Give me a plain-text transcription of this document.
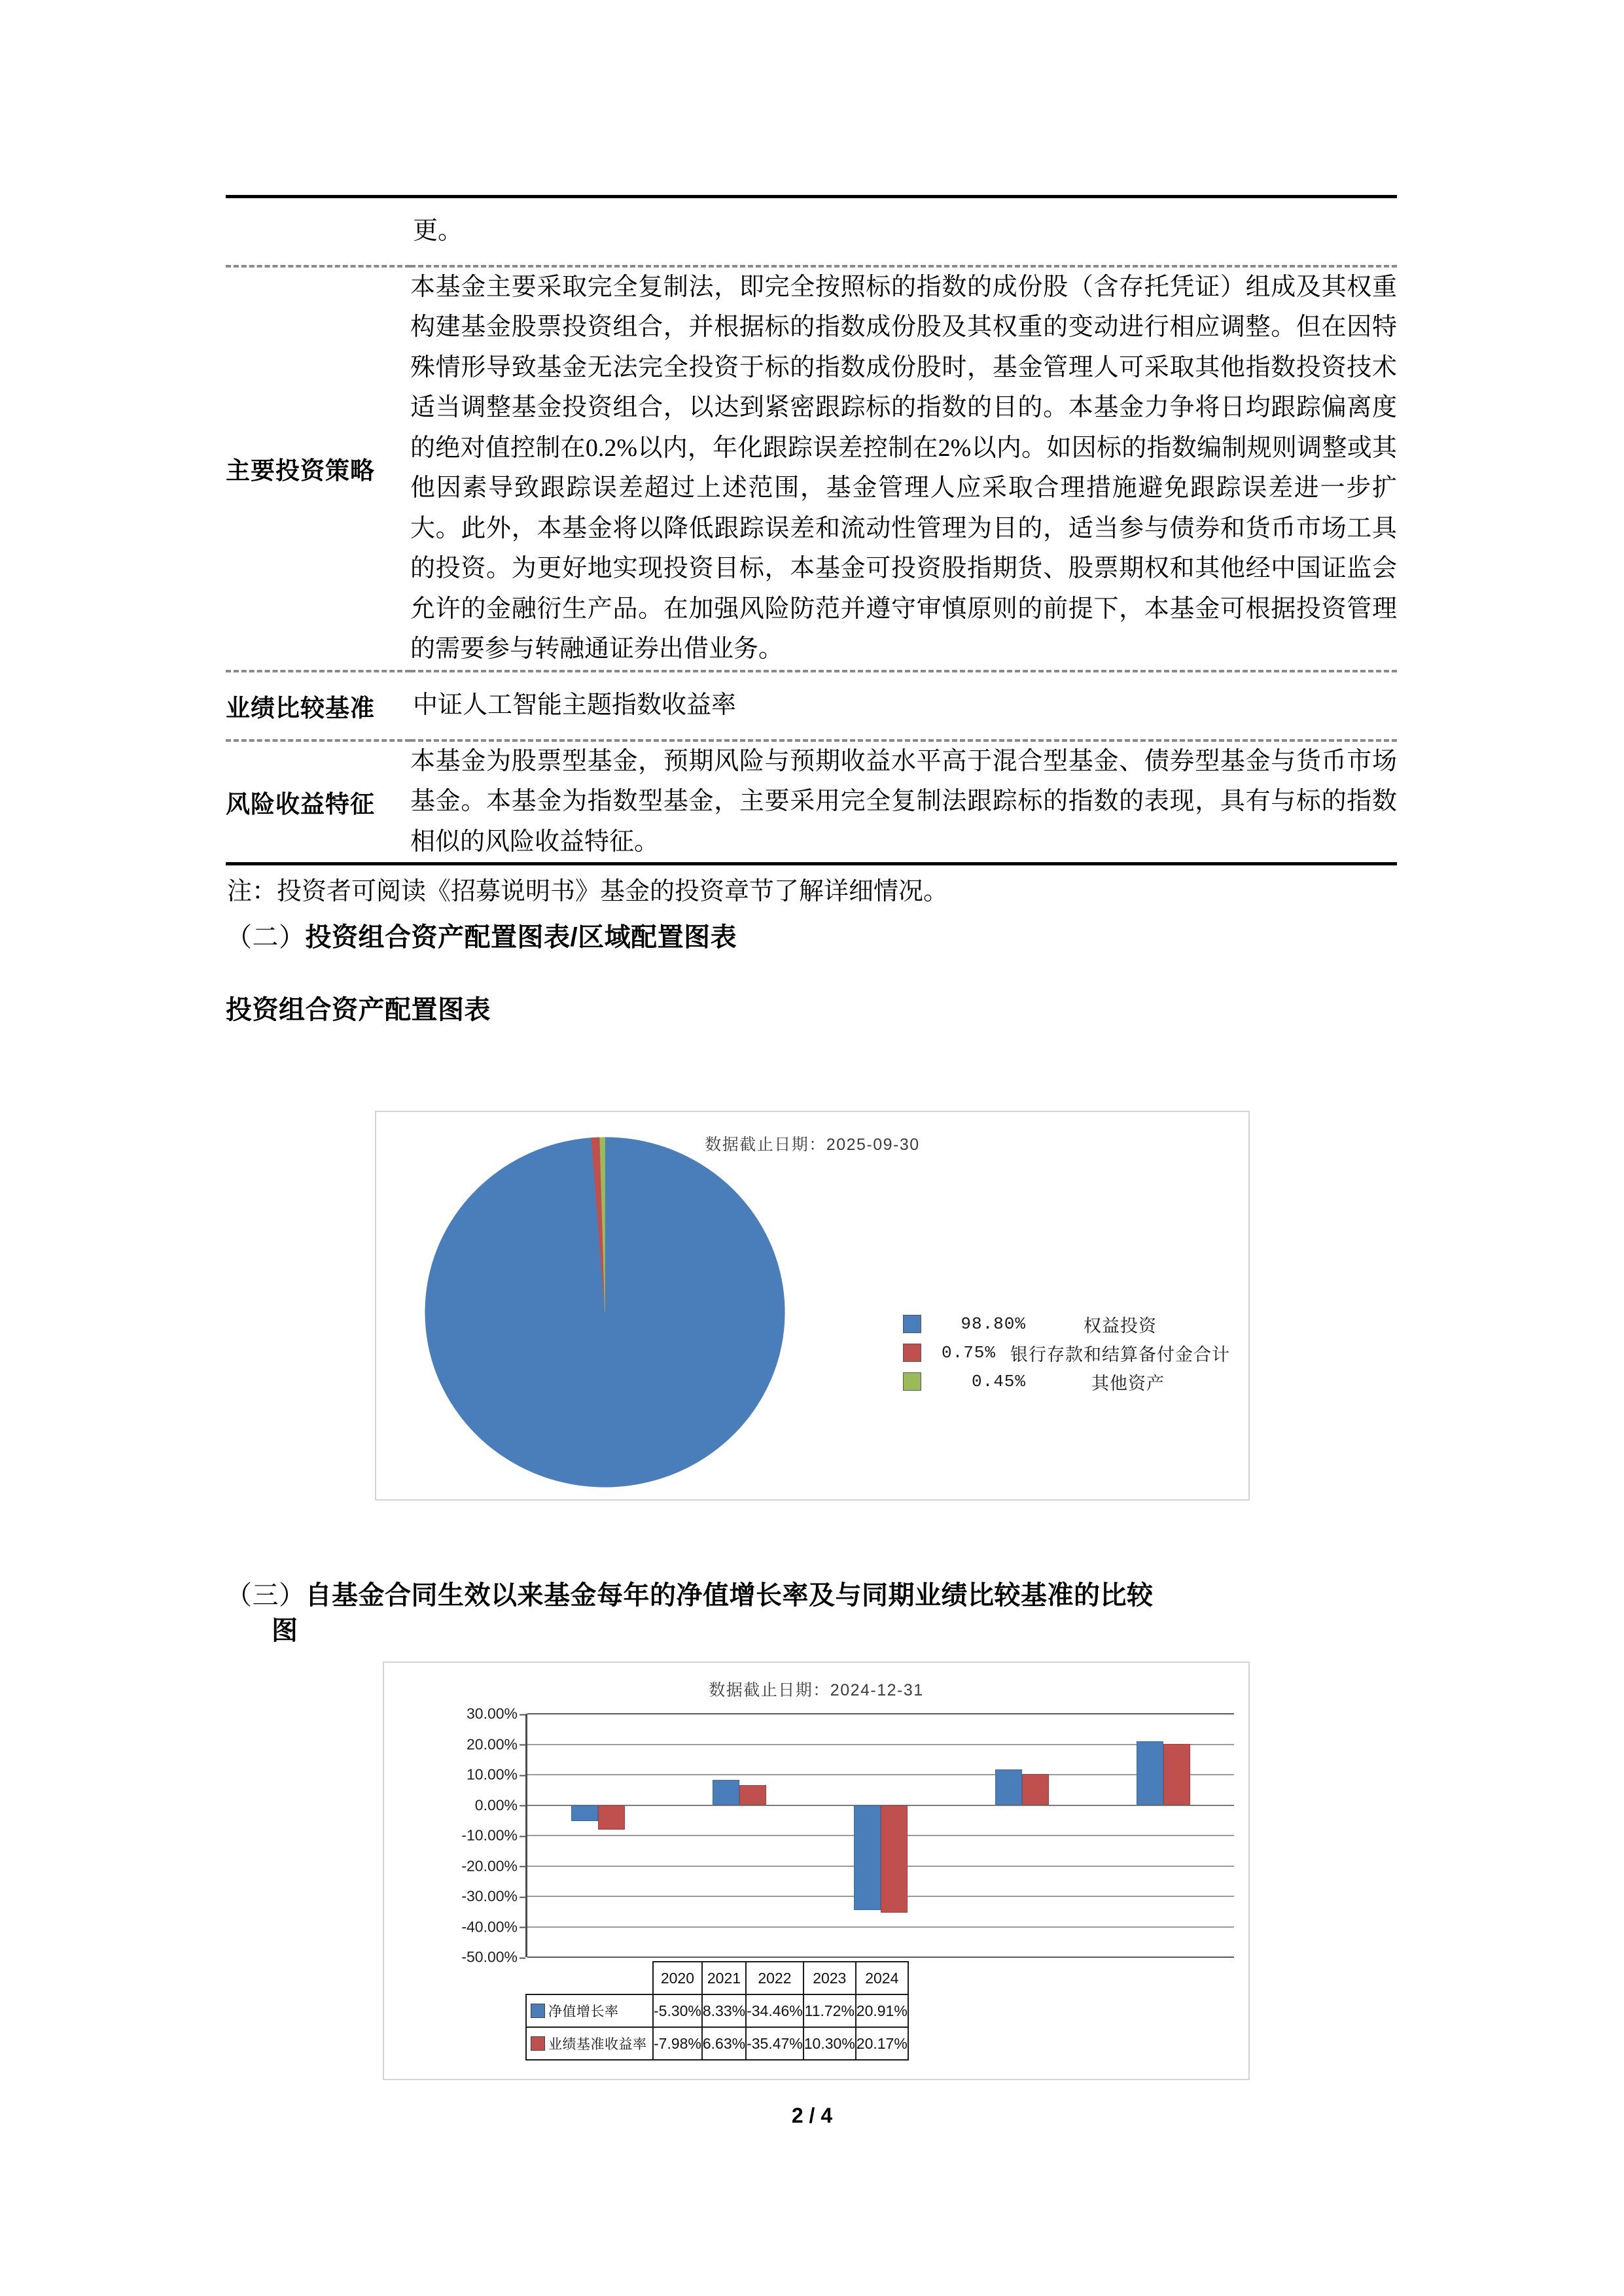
	更。
主要投资策略	本基金主要采取完全复制法，即完全按照标的指数的成份股（含存托凭证）组成及其权重构建基金股票投资组合，并根据标的指数成份股及其权重的变动进行相应调整。但在因特殊情形导致基金无法完全投资于标的指数成份股时，基金管理人可采取其他指数投资技术适当调整基金投资组合，以达到紧密跟踪标的指数的目的。本基金力争将日均跟踪偏离度的绝对值控制在0.2%以内，年化跟踪误差控制在2%以内。如因标的指数编制规则调整或其他因素导致跟踪误差超过上述范围，基金管理人应采取合理措施避免跟踪误差进一步扩大。此外，本基金将以降低跟踪误差和流动性管理为目的，适当参与债券和货币市场工具的投资。为更好地实现投资目标，本基金可投资股指期货、股票期权和其他经中国证监会允许的金融衍生产品。在加强风险防范并遵守审慎原则的前提下，本基金可根据投资管理的需要参与转融通证券出借业务。
业绩比较基准	中证人工智能主题指数收益率
风险收益特征	本基金为股票型基金，预期风险与预期收益水平高于混合型基金、债券型基金与货币市场基金。本基金为指数型基金，主要采用完全复制法跟踪标的指数的表现，具有与标的指数相似的风险收益特征。
注：投资者可阅读《招募说明书》基金的投资章节了解详细情况。
（二）投资组合资产配置图表/区域配置图表
投资组合资产配置图表
数据截止日期：2025-09-30
98.80%	权益投资
0.75% 银行存款和结算备付金合计
0.45%	其他资产
（三）自基金合同生效以来基金每年的净值增长率及与同期业绩比较基准的比较
图
数据截止日期：2024-12-31
30.00%
20.00%
10.00%
0.00%
-10.00%
-20.00%
-30.00%
-40.00%
-50.00%
	2020	2021	2022	2023	2024

净值增长率	-5.30%	8.33%	-34.46%	11.72%	20.91%

业绩基准收益率	-7.98%	6.63%	-35.47%	10.30%	20.17%
2 / 4
